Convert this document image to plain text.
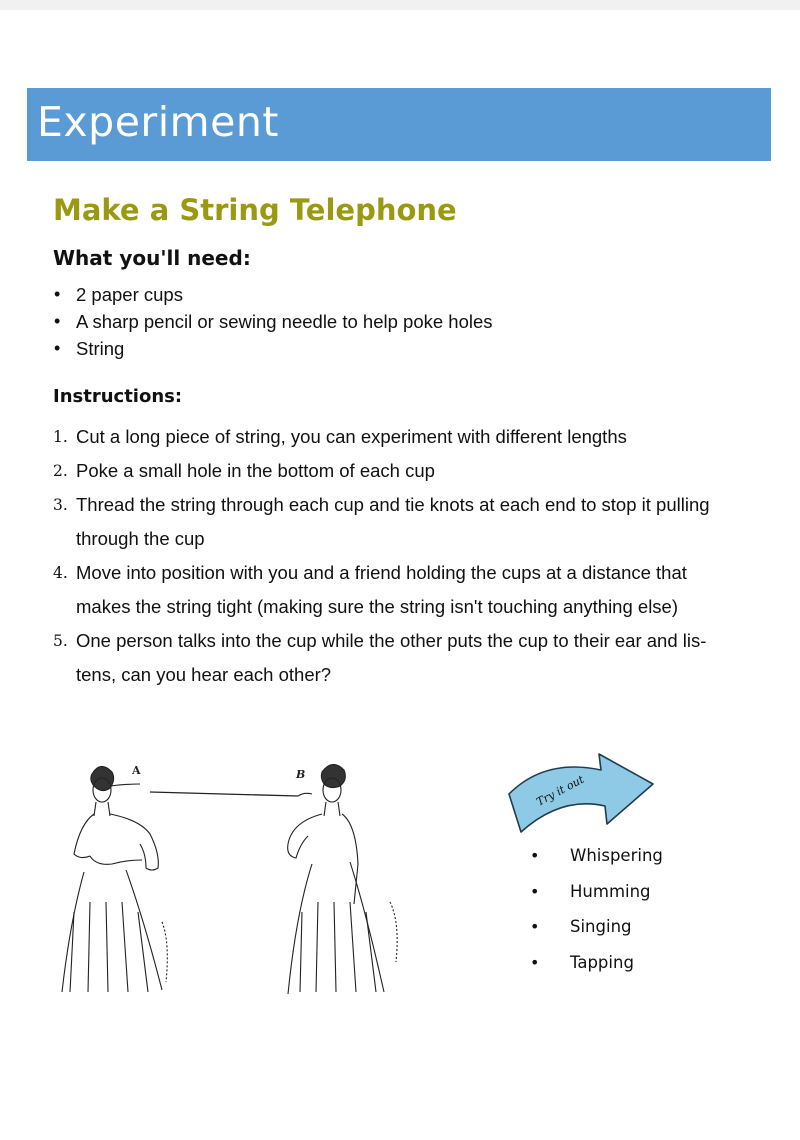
Experiment
Make a String Telephone
What you'll need:
• 2 paper cups
• A sharp pencil or sewing needle to help poke holes
• String
Instructions:
1. Cut a long piece of string, you can experiment with different lengths
2. Poke a small hole in the bottom of each cup
3. Thread the string through each cup and tie knots at each end to stop it pulling
through the cup
4. Move into position with you and a friend holding the cups at a distance that
makes the string tight (making sure the string isn't touching anything else)
5. One person talks into the cup while the other puts the cup to their ear and lis-
tens, can you hear each other?
A	B	Try it out
• Whispering
• Humming
• Singing
• Tapping
